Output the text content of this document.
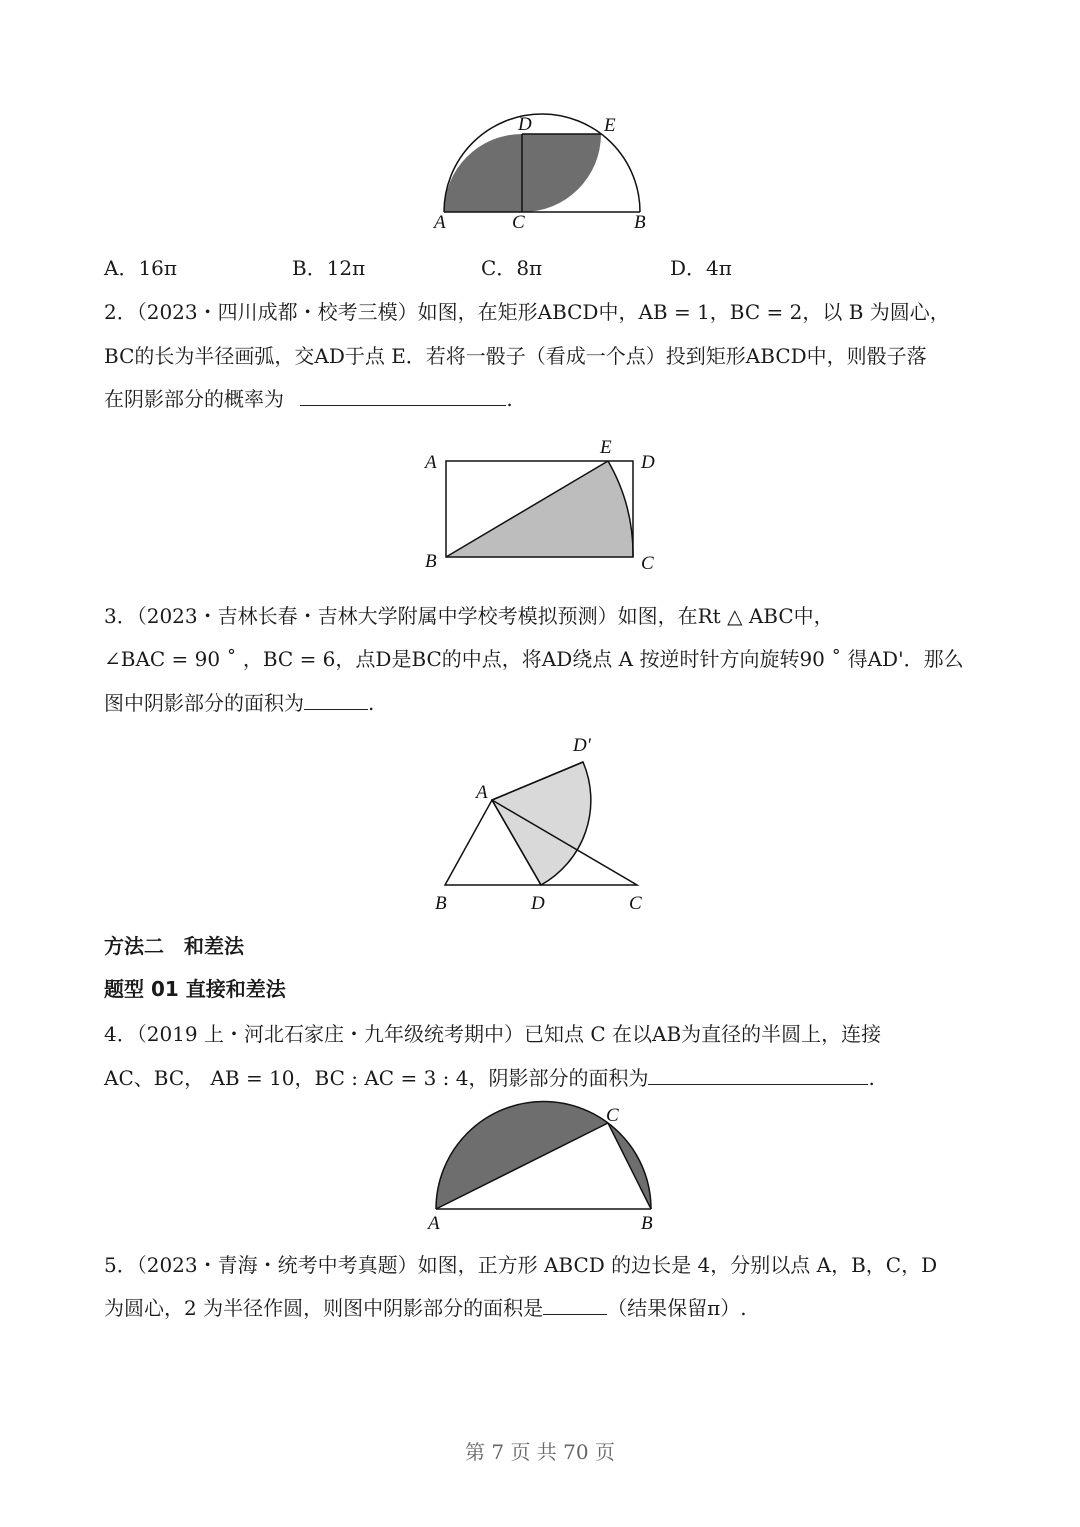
A	C	B
D	E
A．16π	B．12π	C．8π	D．4π
2．（2023・四川成都・校考三模）如图，在矩形ABCD中，AB = 1，BC = 2，以 B 为圆心，
BC的长为半径画弧，交AD于点 E．若将一骰子（看成一个点）投到矩形ABCD中，则骰子落
在阴影部分的概率为	.
A
B	C
D
E
3．（2023・吉林长春・吉林大学附属中学校考模拟预测）如图，在Rt △ ABC中，
∠BAC = 90 ˚ ，BC = 6，点D是BC的中点，将AD绕点 A 按逆时针方向旋转90 ˚ 得AD'．那么
图中阴影部分的面积为	.
A
B	D	C
D′
方法二　和差法
题型 01 直接和差法
4．（2019 上・河北石家庄・九年级统考期中）已知点 C 在以AB为直径的半圆上，连接
AC、BC， AB = 10，BC : AC = 3 : 4，阴影部分的面积为	.
A	B
C
5．（2023・青海・统考中考真题）如图，正方形 ABCD 的边长是 4，分别以点 A，B，C，D
为圆心，2 为半径作圆，则图中阴影部分的面积是	（结果保留π）.
第 7 页 共 70 页
